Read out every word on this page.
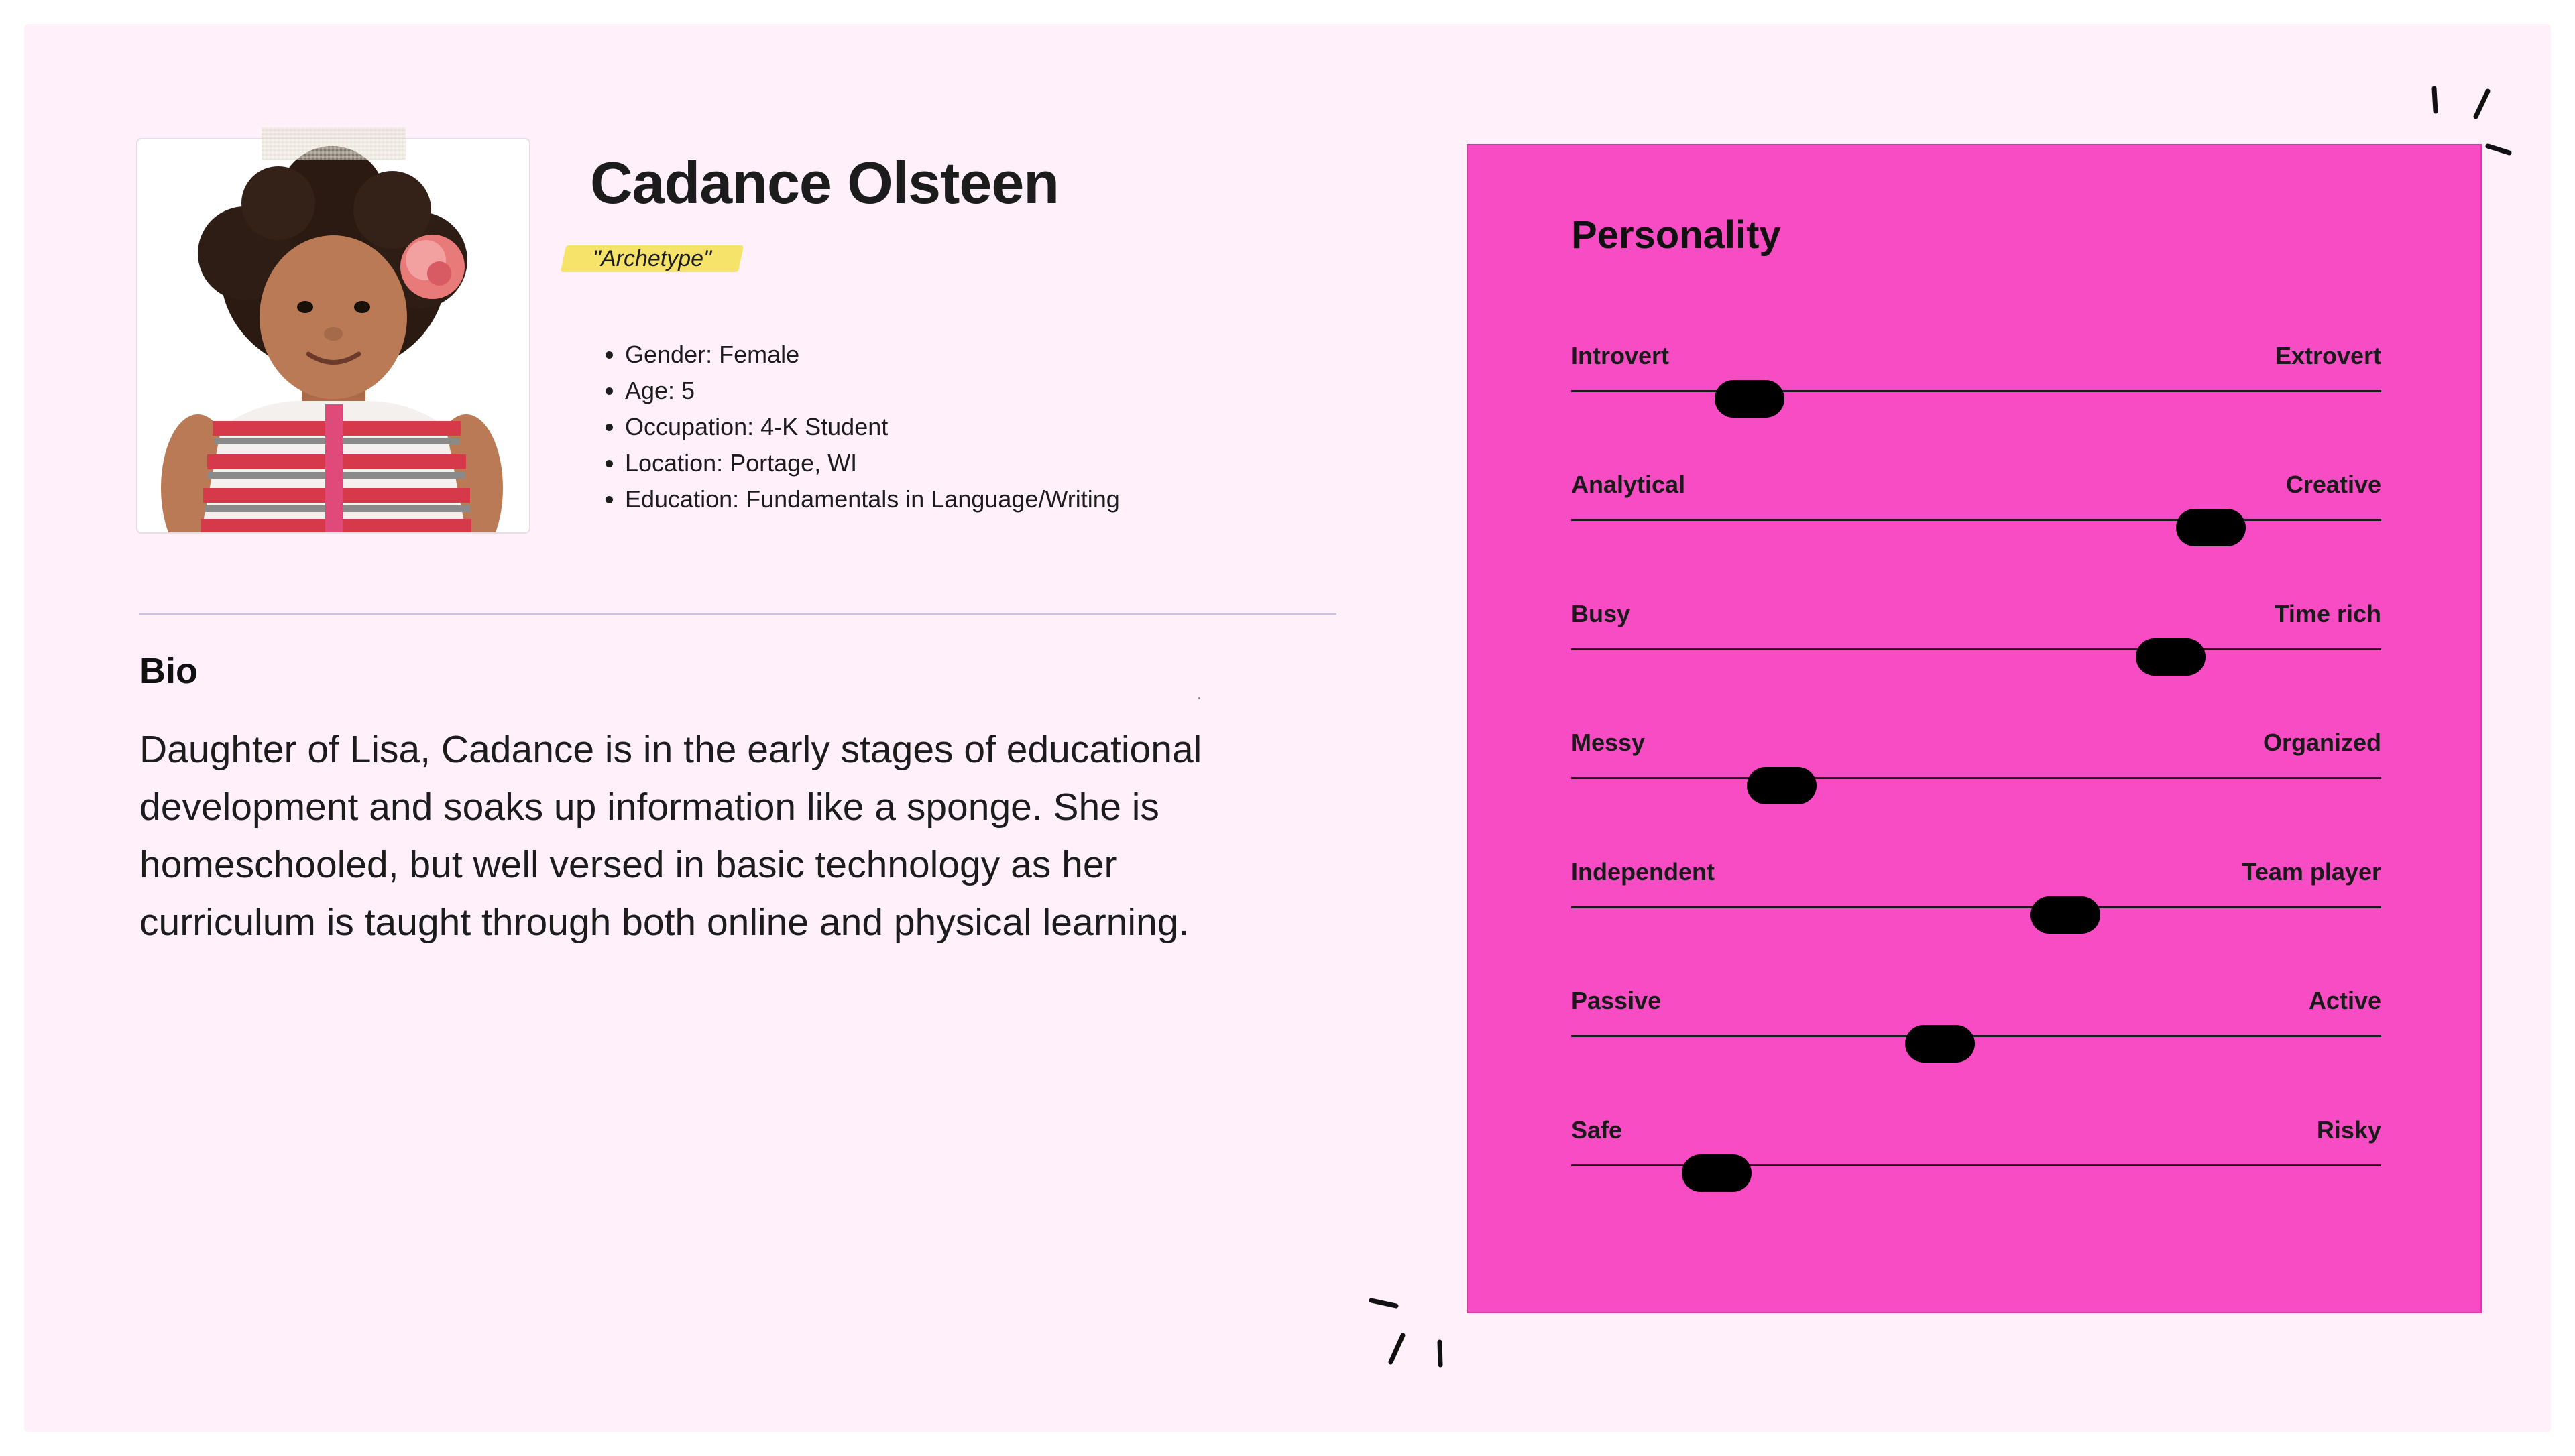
Cadance Olsteen
"Archetype"
• Gender: Female
• Age: 5
• Occupation: 4-K Student
• Location: Portage, WI
• Education: Fundamentals in Language/Writing
Bio
Daughter of Lisa, Cadance is in the early stages of educational development and soaks up information like a sponge. She is homeschooled, but well versed in basic technology as her curriculum is taught through both online and physical learning.
Personality
Introvert	Extrovert
Analytical	Creative
Busy	Time rich
Messy	Organized
Independent	Team player
Passive	Active
Safe	Risky
